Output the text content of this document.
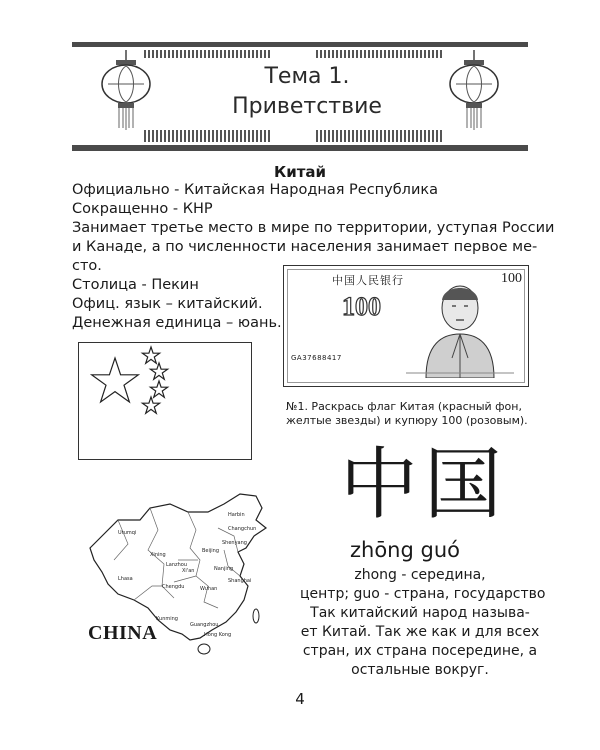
Тема 1.
Приветствие
Китай
Официально - Китайская Народная Республика
Сокращенно - КНР
Занимает третье место в мире по территории, уступая России
и Канаде, а по численности населения занимает первое ме-
сто.
Столица - Пекин
Офиц. язык – китайский.
Денежная единица – юань.
中国人民银行
100
100
GA37688417
№1. Раскрась флаг Китая (красный фон,
желтые звезды) и купюру 100 (розовым).
中国
Urumqi
Harbin
Changchun
Shenyang
Beijing
Lhasa
Chengdu
Xi'an
Shanghai
Wuhan
Kunming
Guangzhou
Hong Kong
Lanzhou
Xining
Nanjing
CHINA
zhōng guó
zhong - середина,
центр; guo - страна, государство
Так китайский народ называ-
ет Китай. Так же как и для всех
стран, их страна посередине, а
остальные вокруг.
4
